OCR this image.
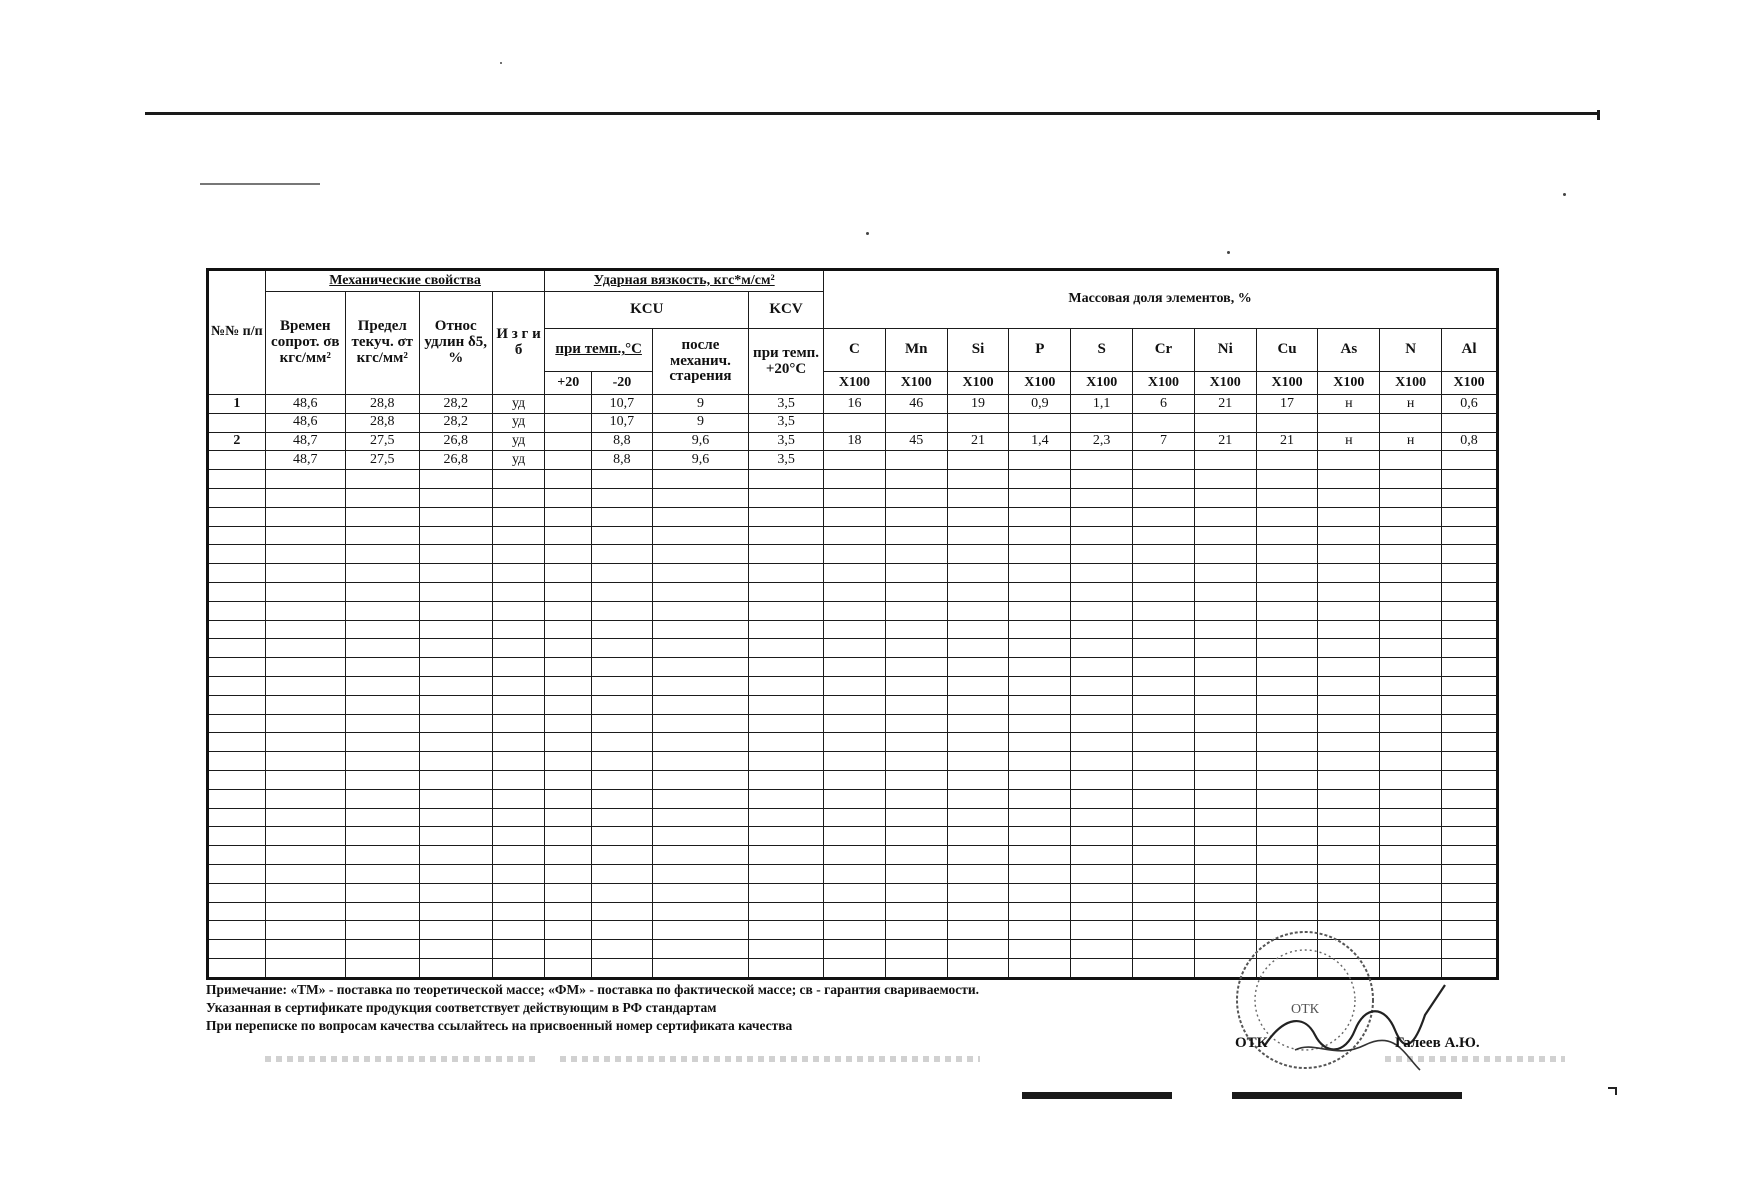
№№ п/п	Механические свойства				Ударная вязкость, кгс*м/см²				Массовая доля элементов, %										
	Времен сопрот. σв кгс/мм²	Предел текуч. σт кгс/мм²	Относ удлин δ5, %	И з г и б	KCU			KCV											
					при темп.,°С		после механич. старения	при темп. +20°С	C	Mn	Si	P	S	Cr	Ni	Cu	As	N	Al
					+20	-20			X100	X100	X100	X100	X100	X100	X100	X100	X100	X100	X100
1	48,6	28,8	28,2	уд		10,7	9	3,5	16	46	19	0,9	1,1	6	21	17	н	н	0,6
	48,6	28,8	28,2	уд		10,7	9	3,5											
2	48,7	27,5	26,8	уд		8,8	9,6	3,5	18	45	21	1,4	2,3	7	21	21	н	н	0,8
	48,7	27,5	26,8	уд		8,8	9,6	3,5											

Примечание: «ТМ» - поставка по теоретической массе; «ФМ» - поставка по фактической массе; св - гарантия свариваемости.
Указанная в сертификате продукция соответствует действующим в РФ стандартам
При переписке по вопросам качества ссылайтесь на присвоенный номер сертификата качества
ОТК
ОТК	Галеев А.Ю.
